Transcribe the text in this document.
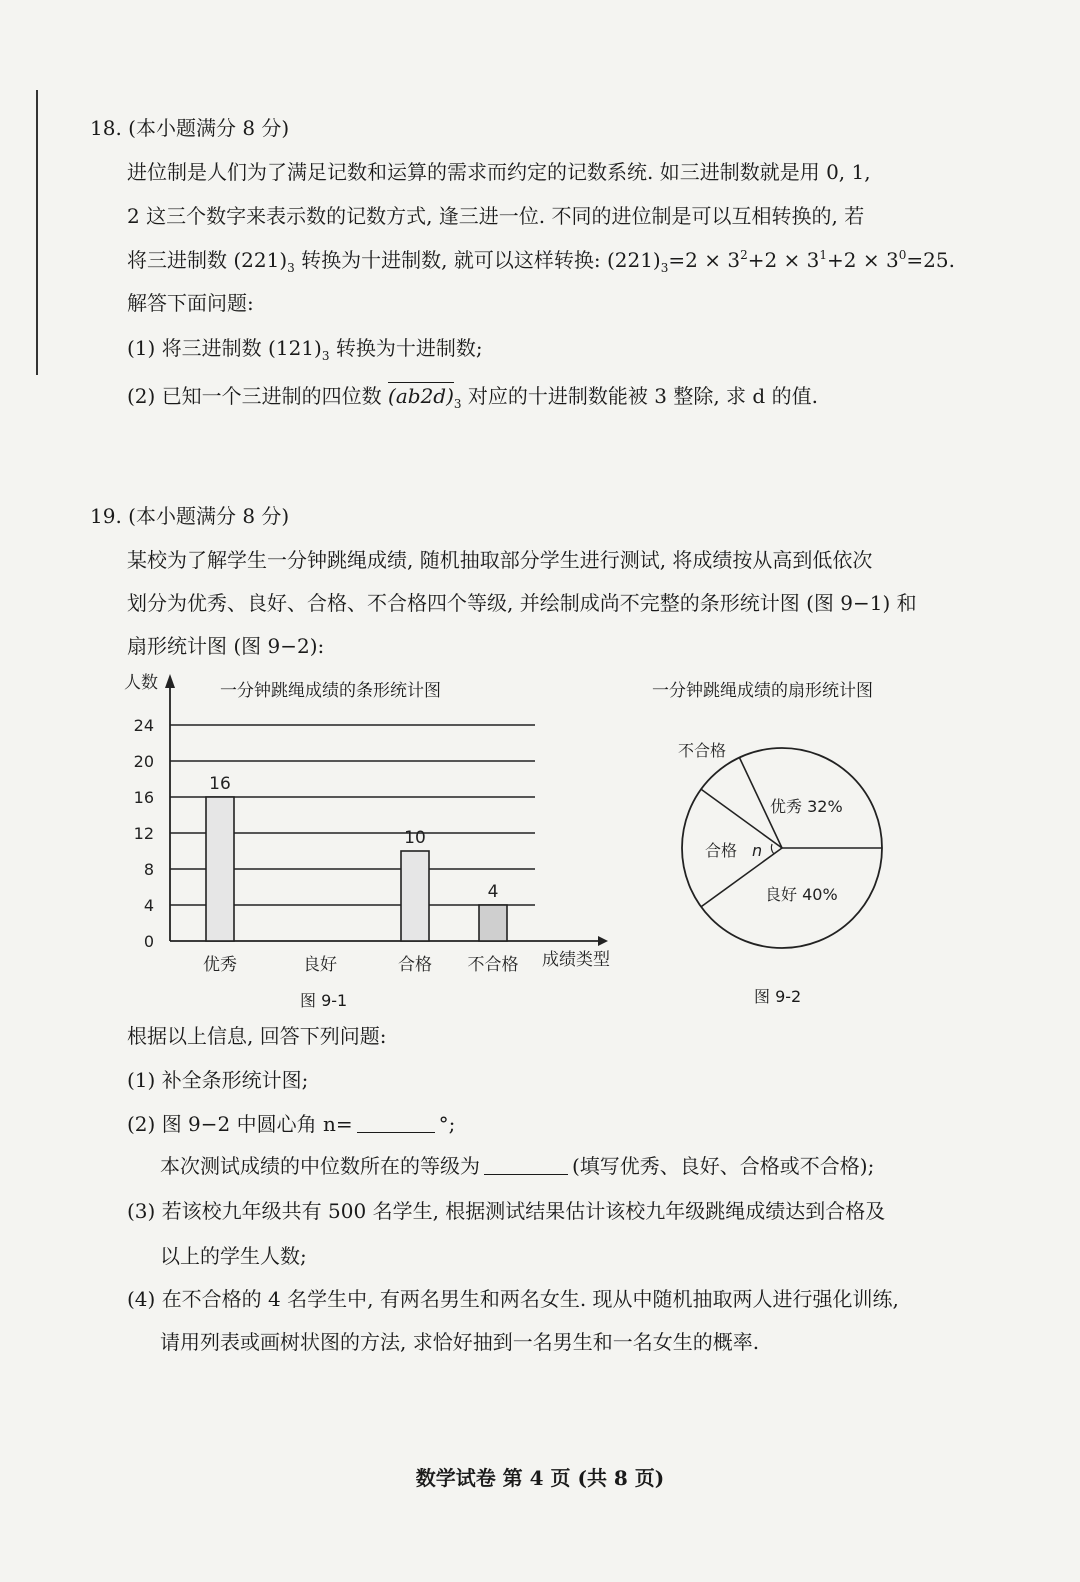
18. (本小题满分 8 分)
进位制是人们为了满足记数和运算的需求而约定的记数系统. 如三进制数就是用 0, 1,
2 这三个数字来表示数的记数方式, 逢三进一位. 不同的进位制是可以互相转换的, 若
将三进制数 $(221)_3$ 转换为十进制数, 就可以这样转换: $(221)_3=2 \times 3^2+2 \times 3^1+2 \times 3^0=25$.
解答下面问题:
(1) 将三进制数 $(121)_3$ 转换为十进制数;
(2) 已知一个三进制的四位数 $(ab2d)_3$ 对应的十进制数能被 3 整除, 求 d 的值.
19. (本小题满分 8 分)
某校为了解学生一分钟跳绳成绩, 随机抽取部分学生进行测试, 将成绩按从高到低依次
划分为优秀、良好、合格、不合格四个等级, 并绘制成尚不完整的条形统计图 (图 9−1) 和
扇形统计图 (图 9−2):
一分钟跳绳成绩的条形统计图
0
4
8
12
16
20
24
人数
成绩类型
优秀
16
良好	合格
10
不合格
4
图 9-1
一分钟跳绳成绩的扇形统计图
优秀 32%
不合格
合格
良好 40%
n
图 9-2
根据以上信息, 回答下列问题:
(1) 补全条形统计图;
(2) 图 9−2 中圆心角 n=	°;
本次测试成绩的中位数所在的等级为	(填写优秀、良好、合格或不合格);
(3) 若该校九年级共有 500 名学生, 根据测试结果估计该校九年级跳绳成绩达到合格及
以上的学生人数;
(4) 在不合格的 4 名学生中, 有两名男生和两名女生. 现从中随机抽取两人进行强化训练,
请用列表或画树状图的方法, 求恰好抽到一名男生和一名女生的概率.
数学试卷 第 4 页 (共 8 页)
